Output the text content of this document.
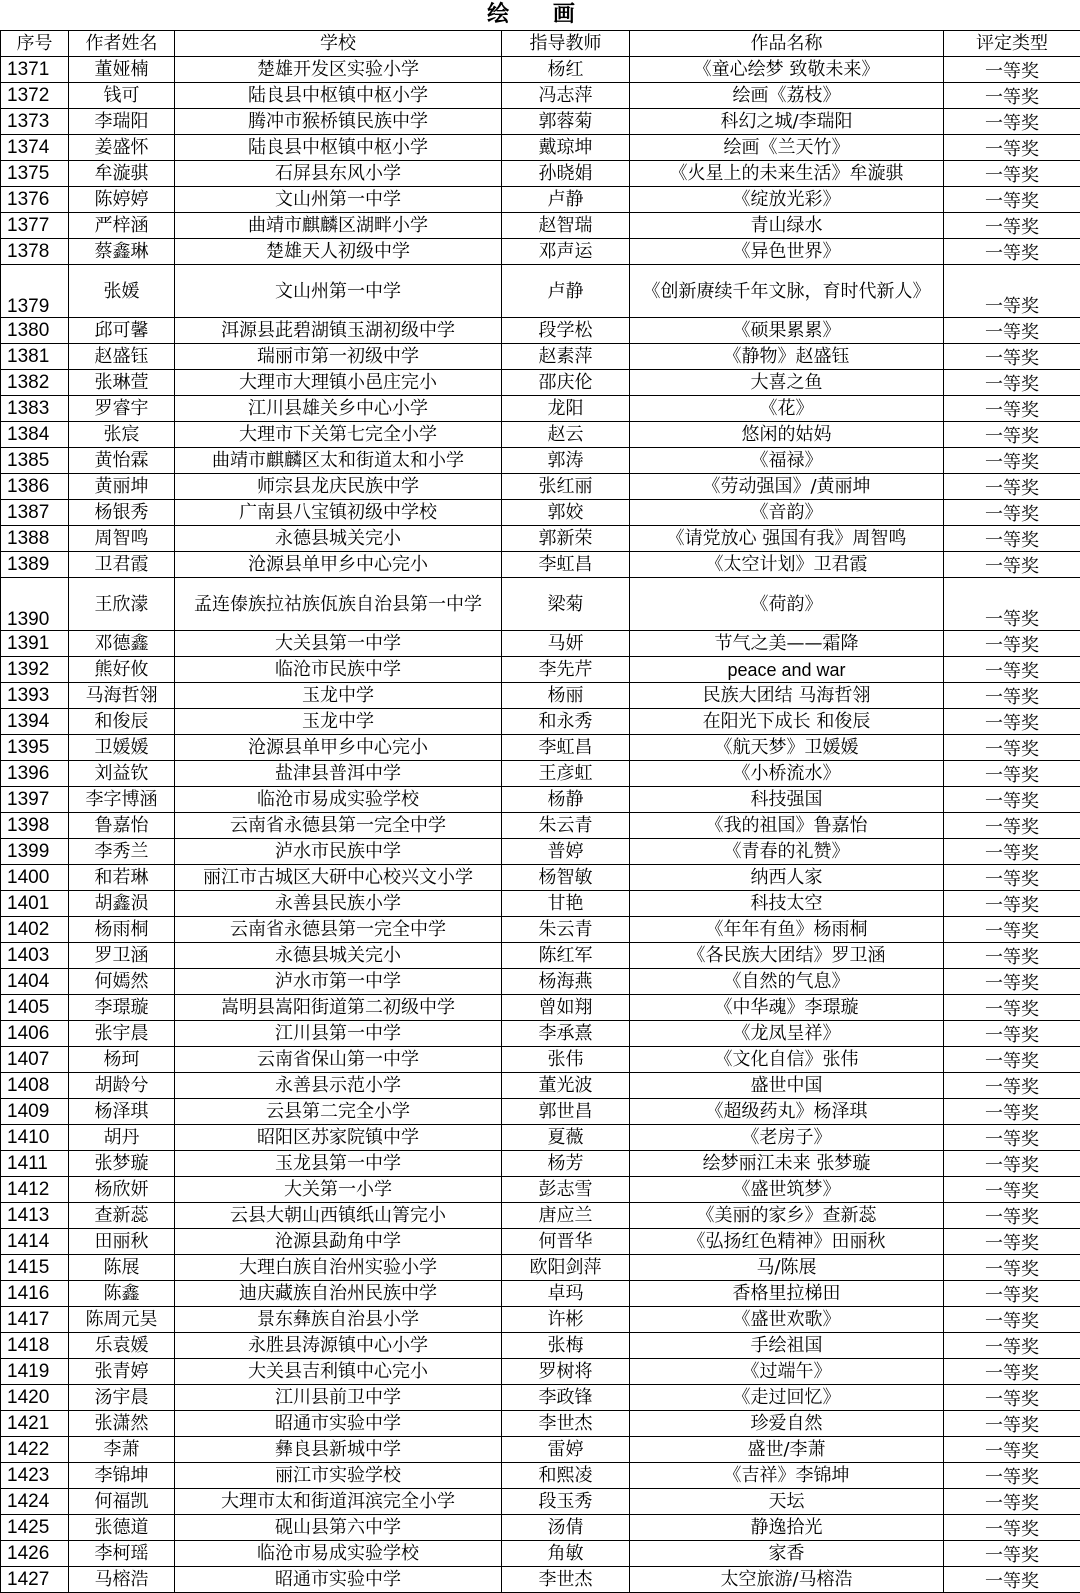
绘 画
序号	作者姓名	学校	指导教师	作品名称	评定类型
1371	董娅楠	楚雄开发区实验小学	杨红	《童心绘梦 致敬未来》	一等奖
1372	钱可	陆良县中枢镇中枢小学	冯志萍	绘画《荔枝》	一等奖
1373	李瑞阳	腾冲市猴桥镇民族中学	郭蓉菊	科幻之城/李瑞阳	一等奖
1374	姜盛怀	陆良县中枢镇中枢小学	戴琼坤	绘画《兰天竹》	一等奖
1375	牟漩骐	石屏县东风小学	孙晓娟	《火星上的未来生活》牟漩骐	一等奖
1376	陈婷婷	文山州第一中学	卢静	《绽放光彩》	一等奖
1377	严梓涵	曲靖市麒麟区湖畔小学	赵智瑞	青山绿水	一等奖
1378	蔡鑫琳	楚雄天人初级中学	邓声运	《异色世界》	一等奖
1379	张媛	文山州第一中学	卢静	《创新赓续千年文脉，育时代新人》	一等奖
1380	邱可馨	洱源县茈碧湖镇玉湖初级中学	段学松	《硕果累累》	一等奖
1381	赵盛钰	瑞丽市第一初级中学	赵素萍	《静物》赵盛钰	一等奖
1382	张琳萱	大理市大理镇小邑庄完小	邵庆伦	大喜之鱼	一等奖
1383	罗睿宇	江川县雄关乡中心小学	龙阳	《花》	一等奖
1384	张宸	大理市下关第七完全小学	赵云	悠闲的姑妈	一等奖
1385	黄怡霖	曲靖市麒麟区太和街道太和小学	郭涛	《福禄》	一等奖
1386	黄丽坤	师宗县龙庆民族中学	张红丽	《劳动强国》/黄丽坤	一等奖
1387	杨银秀	广南县八宝镇初级中学校	郭姣	《音韵》	一等奖
1388	周智鸣	永德县城关完小	郭新荣	《请党放心 强国有我》周智鸣	一等奖
1389	卫君霞	沧源县单甲乡中心完小	李虹昌	《太空计划》卫君霞	一等奖
1390	王欣濛	孟连傣族拉祜族佤族自治县第一中学	梁菊	《荷韵》	一等奖
1391	邓德鑫	大关县第一中学	马妍	节气之美——霜降	一等奖
1392	熊好攸	临沧市民族中学	李先芹	peace and war	一等奖
1393	马海哲翎	玉龙中学	杨丽	民族大团结 马海哲翎	一等奖
1394	和俊辰	玉龙中学	和永秀	在阳光下成长 和俊辰	一等奖
1395	卫媛媛	沧源县单甲乡中心完小	李虹昌	《航天梦》卫媛媛	一等奖
1396	刘益钦	盐津县普洱中学	王彦虹	《小桥流水》	一等奖
1397	李字博涵	临沧市易成实验学校	杨静	科技强国	一等奖
1398	鲁嘉怡	云南省永德县第一完全中学	朱云青	《我的祖国》鲁嘉怡	一等奖
1399	李秀兰	泸水市民族中学	普婷	《青春的礼赞》	一等奖
1400	和若琳	丽江市古城区大研中心校兴文小学	杨智敏	纳西人家	一等奖
1401	胡鑫涢	永善县民族小学	甘艳	科技太空	一等奖
1402	杨雨桐	云南省永德县第一完全中学	朱云青	《年年有鱼》杨雨桐	一等奖
1403	罗卫涵	永德县城关完小	陈红军	《各民族大团结》罗卫涵	一等奖
1404	何嫣然	泸水市第一中学	杨海燕	《自然的气息》	一等奖
1405	李璟璇	嵩明县嵩阳街道第二初级中学	曾如翔	《中华魂》李璟璇	一等奖
1406	张宇晨	江川县第一中学	李承熹	《龙凤呈祥》	一等奖
1407	杨珂	云南省保山第一中学	张伟	《文化自信》张伟	一等奖
1408	胡龄兮	永善县示范小学	董光波	盛世中国	一等奖
1409	杨泽琪	云县第二完全小学	郭世昌	《超级药丸》杨泽琪	一等奖
1410	胡丹	昭阳区苏家院镇中学	夏薇	《老房子》	一等奖
1411	张梦璇	玉龙县第一中学	杨芳	绘梦丽江未来 张梦璇	一等奖
1412	杨欣妍	大关第一小学	彭志雪	《盛世筑梦》	一等奖
1413	查新蕊	云县大朝山西镇纸山箐完小	唐应兰	《美丽的家乡》查新蕊	一等奖
1414	田丽秋	沧源县勐角中学	何晋华	《弘扬红色精神》田丽秋	一等奖
1415	陈展	大理白族自治州实验小学	欧阳剑萍	马/陈展	一等奖
1416	陈鑫	迪庆藏族自治州民族中学	卓玛	香格里拉梯田	一等奖
1417	陈周元昊	景东彝族自治县小学	许彬	《盛世欢歌》	一等奖
1418	乐袁媛	永胜县涛源镇中心小学	张梅	手绘祖国	一等奖
1419	张青婷	大关县吉利镇中心完小	罗树将	《过端午》	一等奖
1420	汤宇晨	江川县前卫中学	李政锋	《走过回忆》	一等奖
1421	张潇然	昭通市实验中学	李世杰	珍爱自然	一等奖
1422	李萧	彝良县新城中学	雷婷	盛世/李萧	一等奖
1423	李锦坤	丽江市实验学校	和熙凌	《吉祥》李锦坤	一等奖
1424	何福凯	大理市太和街道洱滨完全小学	段玉秀	天坛	一等奖
1425	张德道	砚山县第六中学	汤倩	静逸拾光	一等奖
1426	李柯瑶	临沧市易成实验学校	角敏	家香	一等奖
1427	马榕浩	昭通市实验中学	李世杰	太空旅游/马榕浩	一等奖
